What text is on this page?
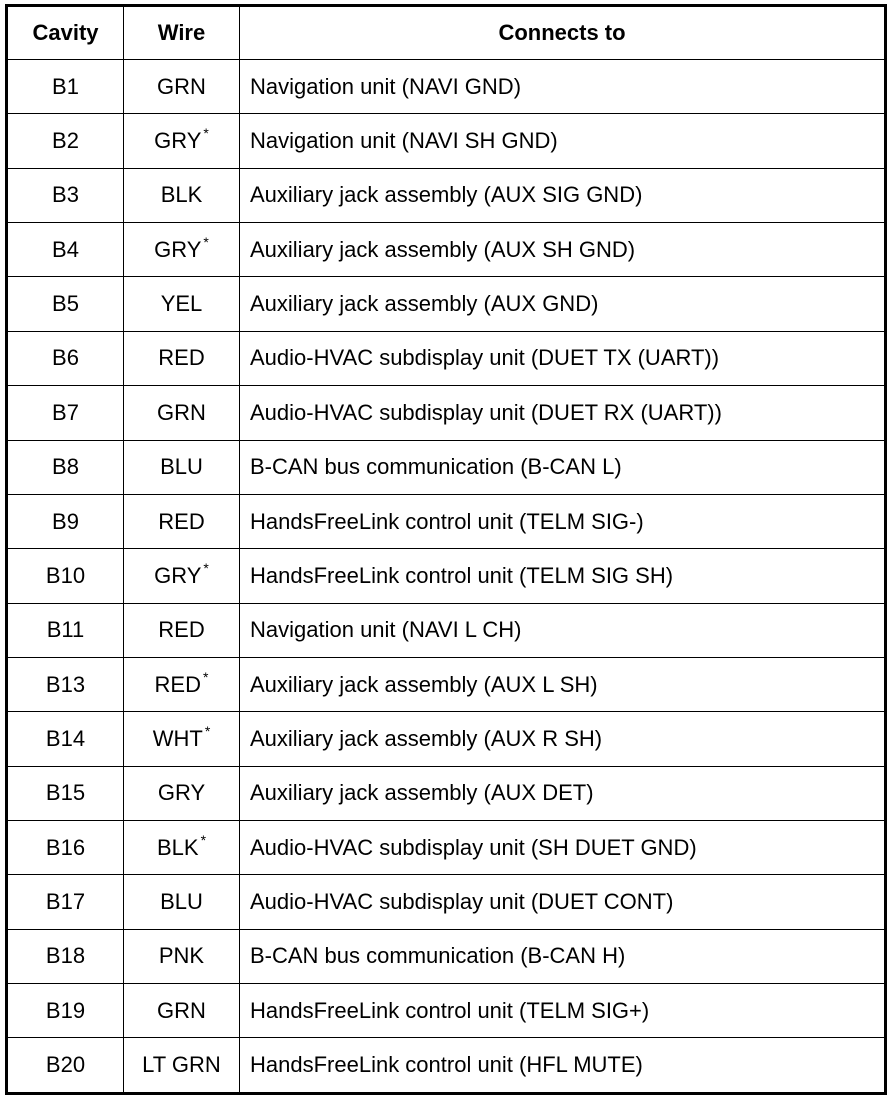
Cavity	Wire	Connects to
B1	GRN	Navigation unit (NAVI GND)
B2	GRY *	Navigation unit (NAVI SH GND)
B3	BLK	Auxiliary jack assembly (AUX SIG GND)
B4	GRY *	Auxiliary jack assembly (AUX SH GND)
B5	YEL	Auxiliary jack assembly (AUX GND)
B6	RED	Audio-HVAC subdisplay unit (DUET TX (UART))
B7	GRN	Audio-HVAC subdisplay unit (DUET RX (UART))
B8	BLU	B-CAN bus communication (B-CAN L)
B9	RED	HandsFreeLink control unit (TELM SIG-)
B10	GRY *	HandsFreeLink control unit (TELM SIG SH)
B11	RED	Navigation unit (NAVI L CH)
B13	RED *	Auxiliary jack assembly (AUX L SH)
B14	WHT *	Auxiliary jack assembly (AUX R SH)
B15	GRY	Auxiliary jack assembly (AUX DET)
B16	BLK *	Audio-HVAC subdisplay unit (SH DUET GND)
B17	BLU	Audio-HVAC subdisplay unit (DUET CONT)
B18	PNK	B-CAN bus communication (B-CAN H)
B19	GRN	HandsFreeLink control unit (TELM SIG+)
B20	LT GRN	HandsFreeLink control unit (HFL MUTE)
